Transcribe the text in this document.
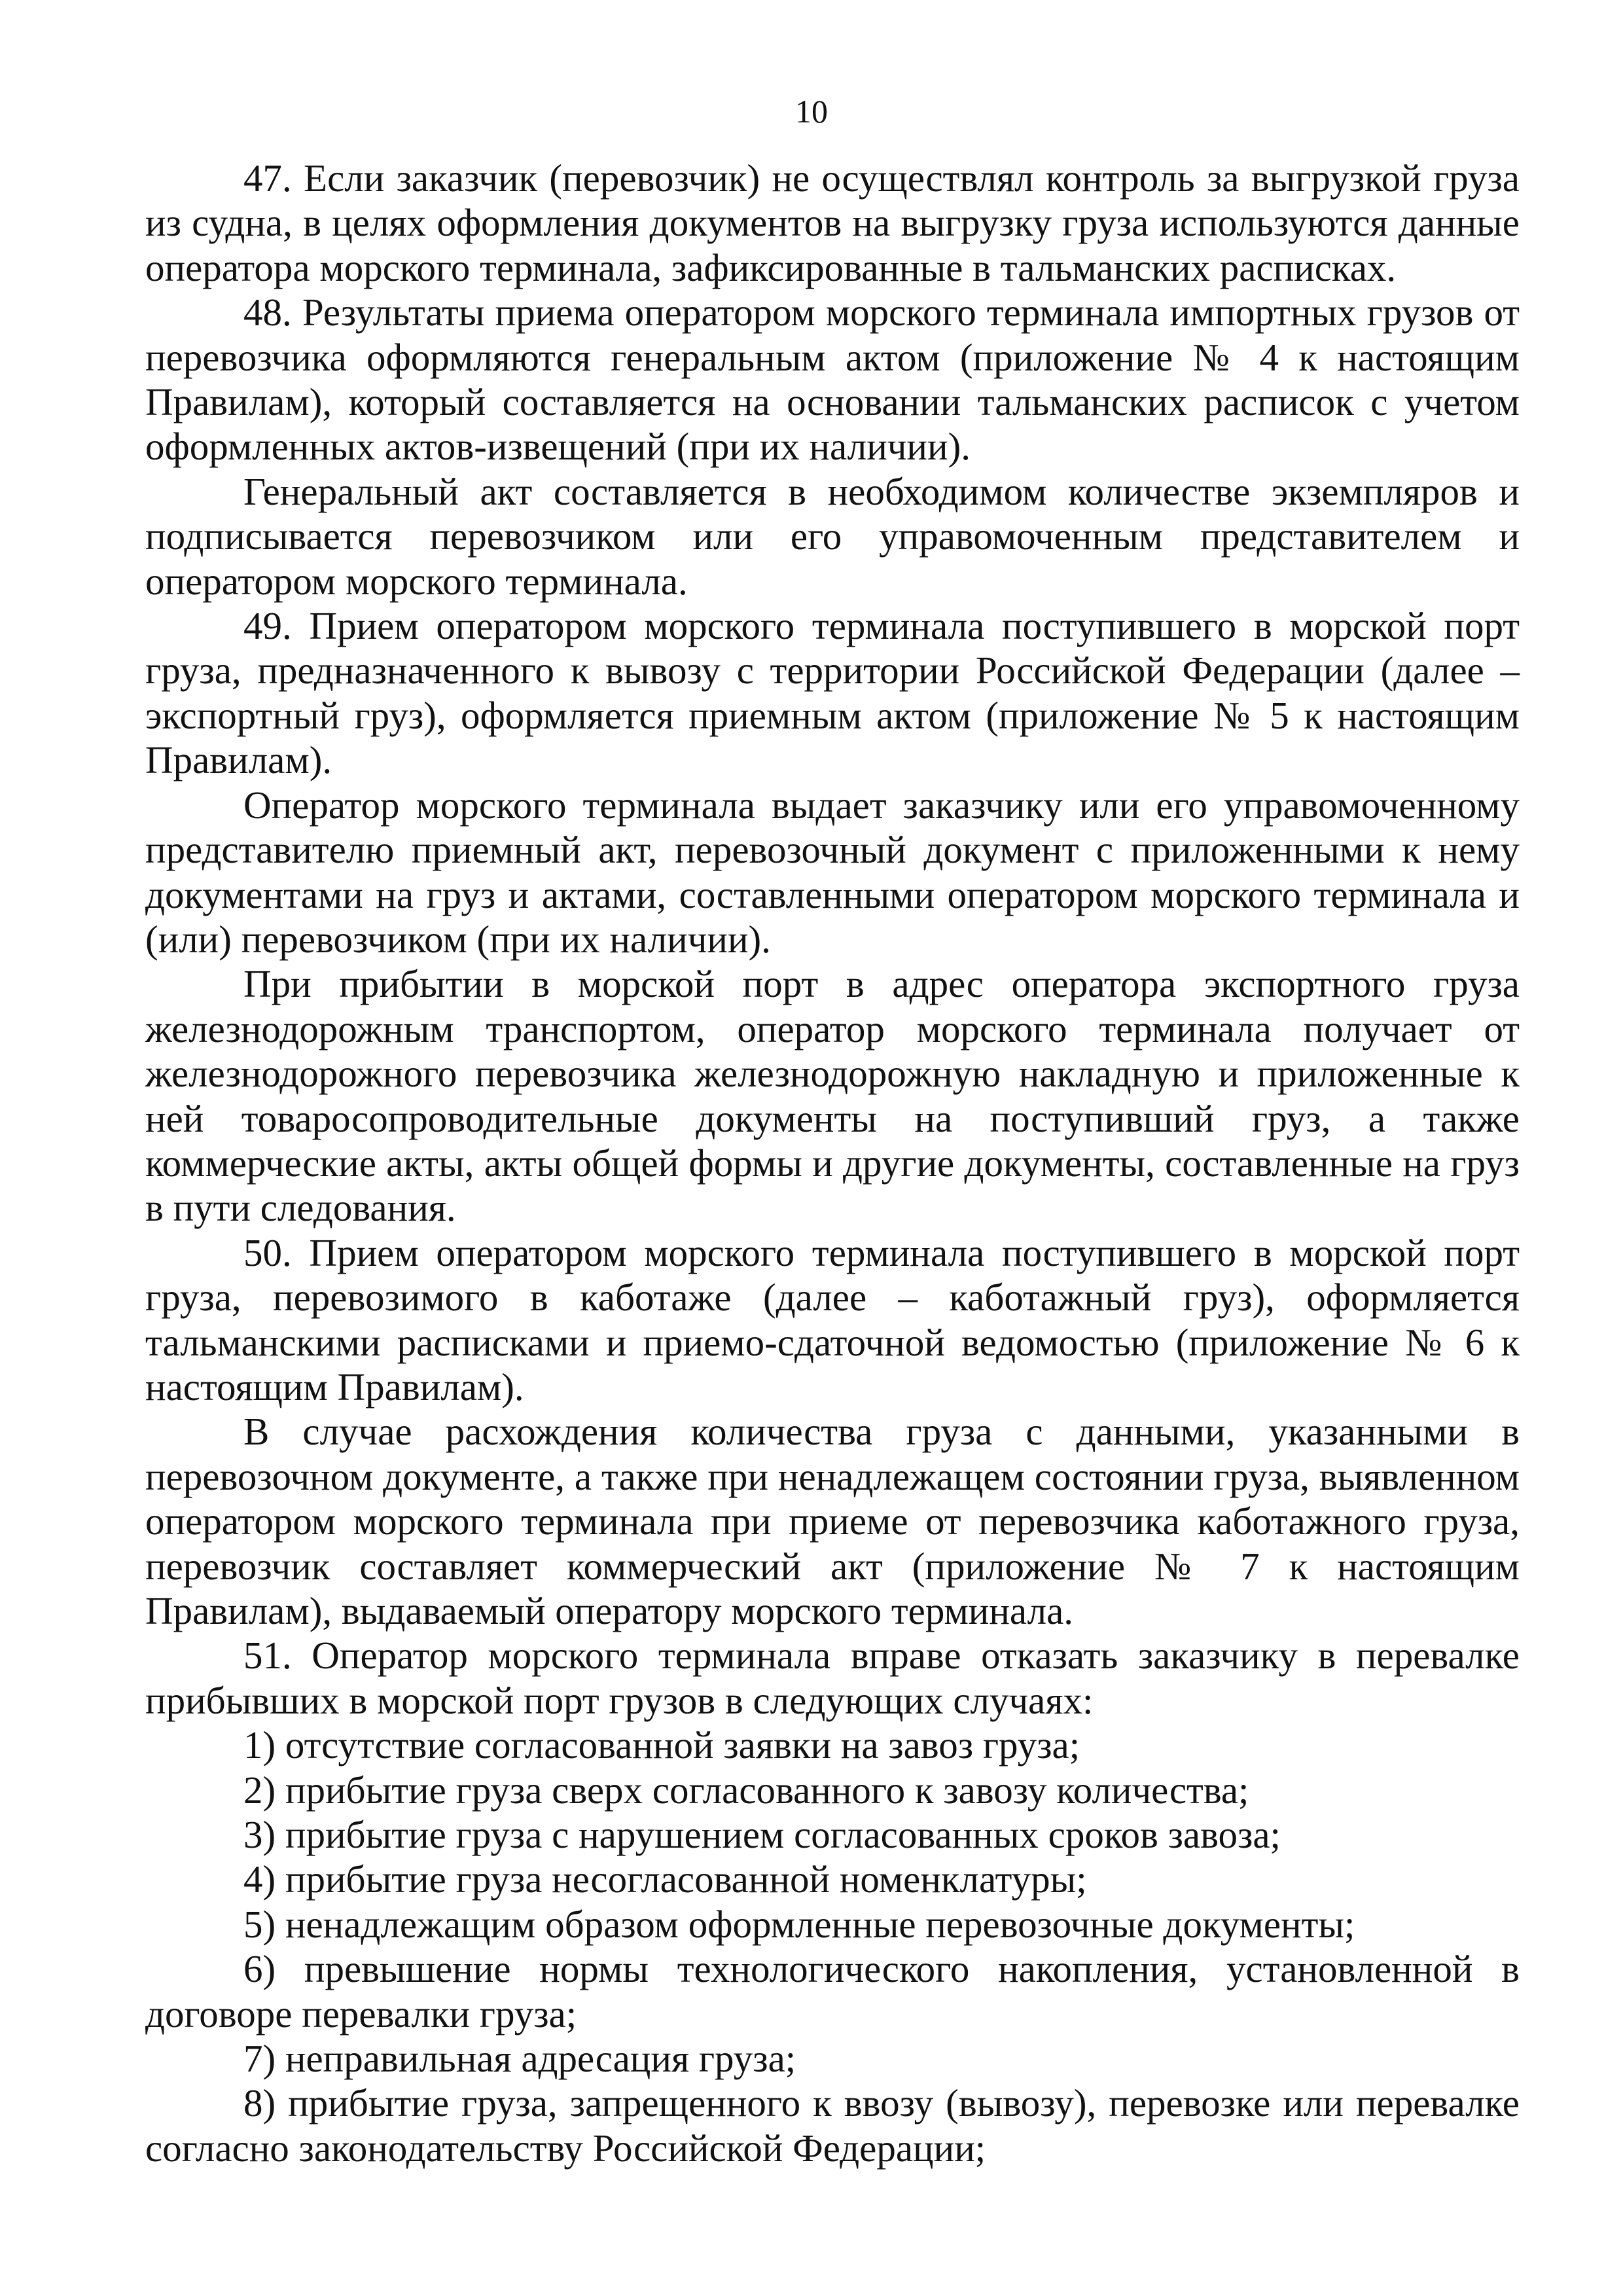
10

47. Если заказчик (перевозчик) не осуществлял контроль за выгрузкой груза из судна, в целях оформления документов на выгрузку груза используются данные оператора морского терминала, зафиксированные в тальманских расписках.

48. Результаты приема оператором морского терминала импортных грузов от перевозчика оформляются генеральным актом (приложение № 4 к настоящим Правилам), который составляется на основании тальманских расписок с учетом оформленных актов-извещений (при их наличии).

Генеральный акт составляется в необходимом количестве экземпляров и подписывается перевозчиком или его управомоченным представителем и оператором морского терминала.

49. Прием оператором морского терминала поступившего в морской порт груза, предназначенного к вывозу с территории Российской Федерации (далее – экспортный груз), оформляется приемным актом (приложение № 5 к настоящим Правилам).

Оператор морского терминала выдает заказчику или его управомоченному представителю приемный акт, перевозочный документ с приложенными к нему документами на груз и актами, составленными оператором морского терминала и (или) перевозчиком (при их наличии).

При прибытии в морской порт в адрес оператора экспортного груза железнодорожным транспортом, оператор морского терминала получает от железнодорожного перевозчика железнодорожную накладную и приложенные к ней товаросопроводительные документы на поступивший груз, а также коммерческие акты, акты общей формы и другие документы, составленные на груз в пути следования.

50. Прием оператором морского терминала поступившего в морской порт груза, перевозимого в каботаже (далее – каботажный груз), оформляется тальманскими расписками и приемо-сдаточной ведомостью (приложение № 6 к настоящим Правилам).

В случае расхождения количества груза с данными, указанными в перевозочном документе, а также при ненадлежащем состоянии груза, выявленном оператором морского терминала при приеме от перевозчика каботажного груза, перевозчик составляет коммерческий акт (приложение № 7 к настоящим Правилам), выдаваемый оператору морского терминала.

51. Оператор морского терминала вправе отказать заказчику в перевалке прибывших в морской порт грузов в следующих случаях:

1) отсутствие согласованной заявки на завоз груза;

2) прибытие груза сверх согласованного к завозу количества;

3) прибытие груза с нарушением согласованных сроков завоза;

4) прибытие груза несогласованной номенклатуры;

5) ненадлежащим образом оформленные перевозочные документы;

6) превышение нормы технологического накопления, установленной в договоре перевалки груза;

7) неправильная адресация груза;

8) прибытие груза, запрещенного к ввозу (вывозу), перевозке или перевалке согласно законодательству Российской Федерации;
